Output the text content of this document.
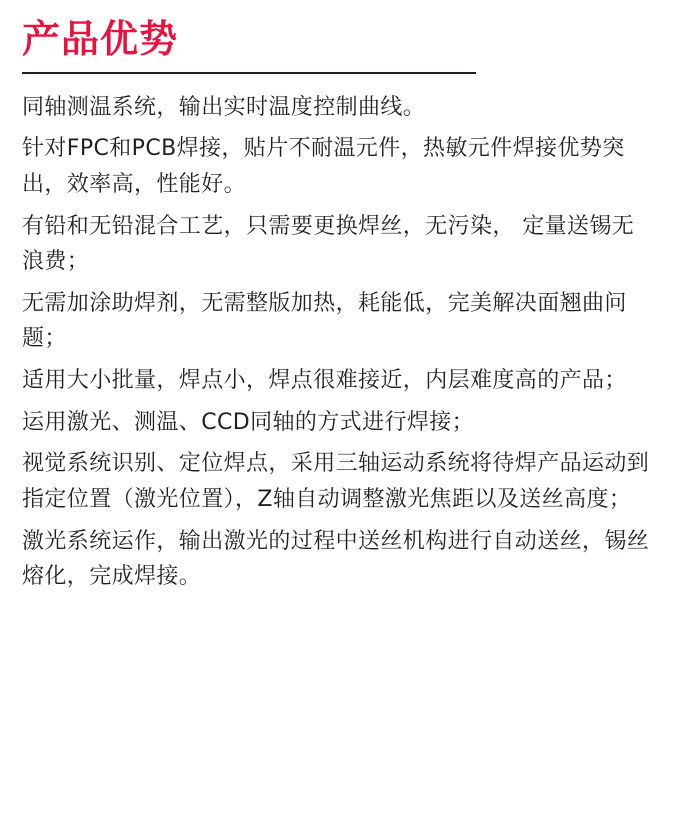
产品优势

同轴测温系统，输出实时温度控制曲线。

针对FPC和PCB焊接，贴片不耐温元件，热敏元件焊接优势突出，效率高，性能好。

有铅和无铅混合工艺，只需要更换焊丝，无污染， 定量送锡无浪费；

无需加涂助焊剂，无需整版加热，耗能低，完美解决面翘曲问题；

适用大小批量，焊点小，焊点很难接近，内层难度高的产品；

运用激光、测温、CCD同轴的方式进行焊接；

视觉系统识别、定位焊点，采用三轴运动系统将待焊产品运动到指定位置（激光位置），Z轴自动调整激光焦距以及送丝高度；

激光系统运作，输出激光的过程中送丝机构进行自动送丝，锡丝熔化，完成焊接。
